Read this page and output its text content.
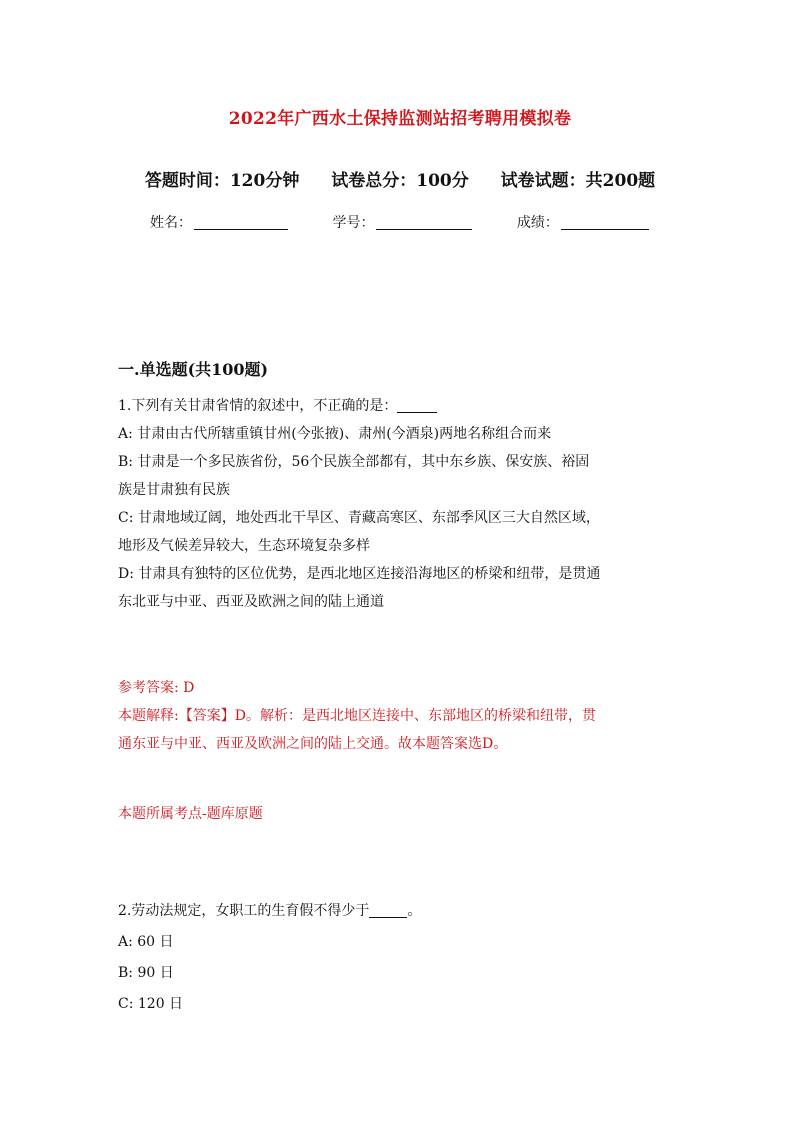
2022年广西水土保持监测站招考聘用模拟卷
答题时间：120分钟 试卷总分：100分 试卷试题：共200题
姓名：	学号：	成绩：
一.单选题(共100题)
1.下列有关甘肃省情的叙述中，不正确的是：
A: 甘肃由古代所辖重镇甘州(今张掖)、肃州(今酒泉)两地名称组合而来
B: 甘肃是一个多民族省份，56个民族全部都有，其中东乡族、保安族、裕固
族是甘肃独有民族
C: 甘肃地域辽阔，地处西北干旱区、青藏高寒区、东部季风区三大自然区域，
地形及气候差异较大，生态环境复杂多样
D: 甘肃具有独特的区位优势，是西北地区连接沿海地区的桥梁和纽带，是贯通
东北亚与中亚、西亚及欧洲之间的陆上通道
参考答案: D
本题解释:【答案】D。解析：是西北地区连接中、东部地区的桥梁和纽带，贯
通东亚与中亚、西亚及欧洲之间的陆上交通。故本题答案选D。
本题所属考点-题库原题
2.劳动法规定，女职工的生育假不得少于	。
A: 60 日
B: 90 日
C: 120 日
